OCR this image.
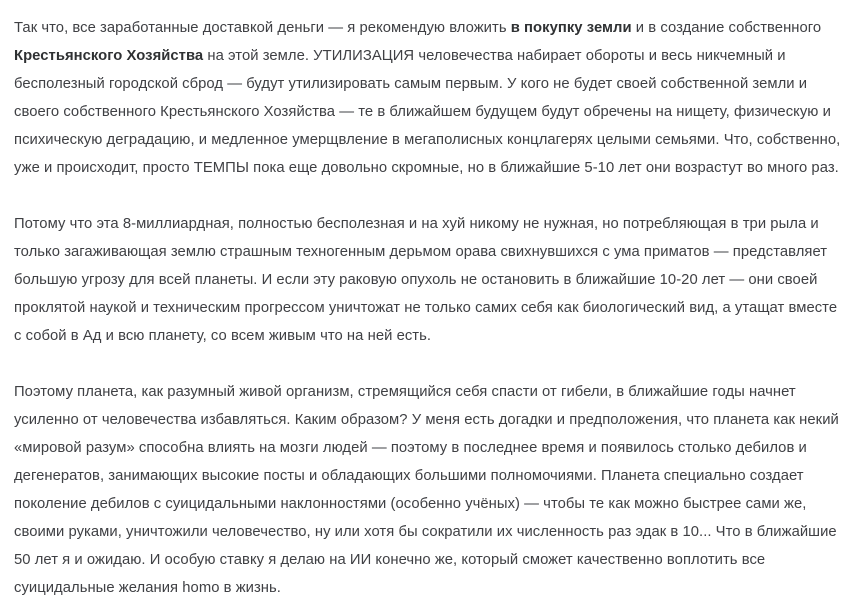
Так что, все заработанные доставкой деньги — я рекомендую вложить в покупку земли и в создание собственного Крестьянского Хозяйства на этой земле. УТИЛИЗАЦИЯ человечества набирает обороты и весь никчемный и бесполезный городской сброд — будут утилизировать самым первым. У кого не будет своей собственной земли и своего собственного Крестьянского Хозяйства — те в ближайшем будущем будут обречены на нищету, физическую и психическую деградацию, и медленное умерщвление в мегаполисных концлагерях целыми семьями. Что, собственно, уже и происходит, просто ТЕМПЫ пока еще довольно скромные, но в ближайшие 5-10 лет они возрастут во много раз.

Потому что эта 8-миллиардная, полностью бесполезная и на хуй никому не нужная, но потребляющая в три рыла и только загаживающая землю страшным техногенным дерьмом орава свихнувшихся с ума приматов — представляет большую угрозу для всей планеты. И если эту раковую опухоль не остановить в ближайшие 10-20 лет — они своей проклятой наукой и техническим прогрессом уничтожат не только самих себя как биологический вид, а утащат вместе с собой в Ад и всю планету, со всем живым что на ней есть.

Поэтому планета, как разумный живой организм, стремящийся себя спасти от гибели, в ближайшие годы начнет усиленно от человечества избавляться. Каким образом? У меня есть догадки и предположения, что планета как некий «мировой разум» способна влиять на мозги людей — поэтому в последнее время и появилось столько дебилов и дегенератов, занимающих высокие посты и обладающих большими полномочиями. Планета специально создает поколение дебилов с суицидальными наклонностями (особенно учёных) — чтобы те как можно быстрее сами же, своими руками, уничтожили человечество, ну или хотя бы сократили их численность раз эдак в 10... Что в ближайшие 50 лет я и ожидаю. И особую ставку я делаю на ИИ конечно же, который сможет качественно воплотить все суицидальные желания homo в жизнь.
